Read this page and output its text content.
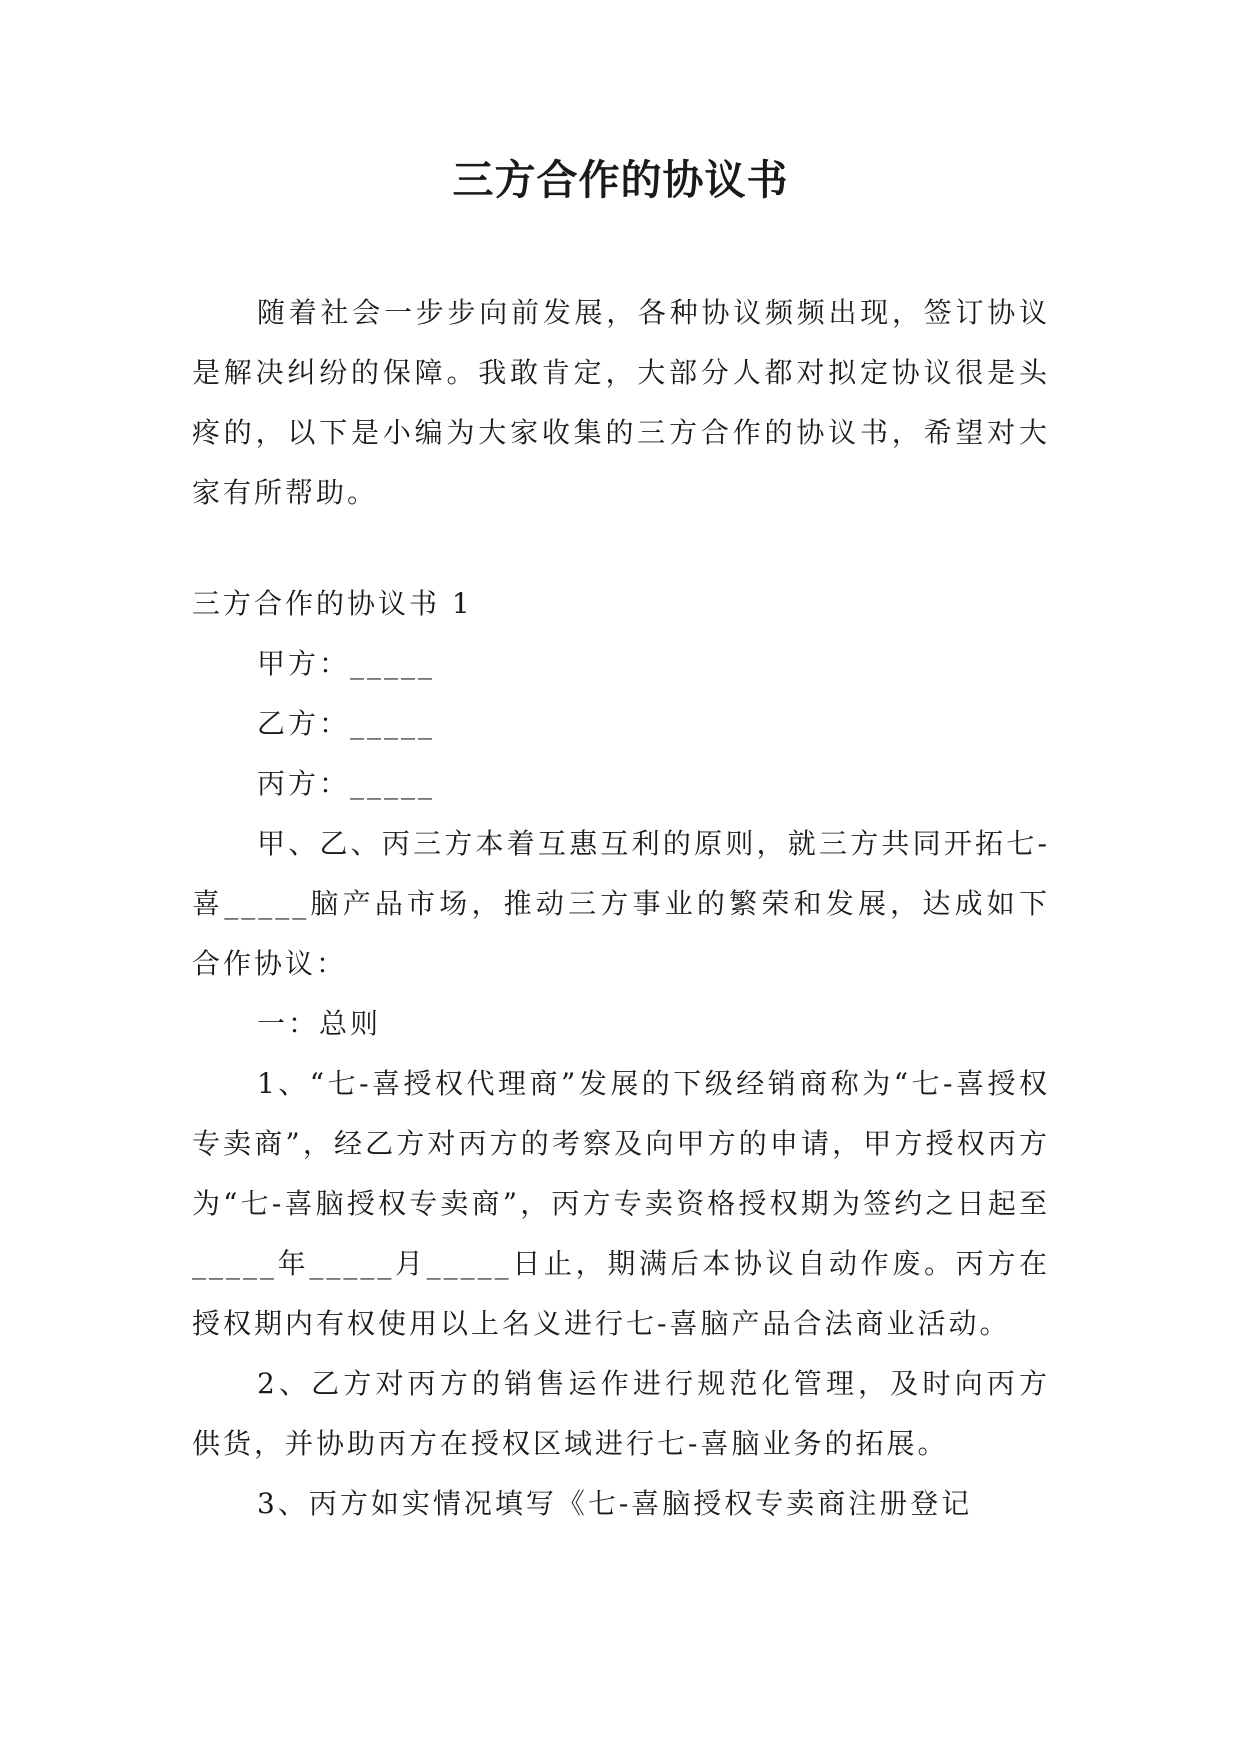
三方合作的协议书

随着社会一步步向前发展，各种协议频频出现，签订协议是解决纠纷的保障。我敢肯定，大部分人都对拟定协议很是头疼的，以下是小编为大家收集的三方合作的协议书，希望对大家有所帮助。

三方合作的协议书 1

甲方：_____

乙方：_____

丙方：_____

甲、乙、丙三方本着互惠互利的原则，就三方共同开拓七-喜_____脑产品市场，推动三方事业的繁荣和发展，达成如下合作协议：

一：总则

1、“七-喜授权代理商”发展的下级经销商称为“七-喜授权专卖商”，经乙方对丙方的考察及向甲方的申请，甲方授权丙方为“七-喜脑授权专卖商”，丙方专卖资格授权期为签约之日起至_____年_____月_____日止，期满后本协议自动作废。丙方在授权期内有权使用以上名义进行七-喜脑产品合法商业活动。

2、乙方对丙方的销售运作进行规范化管理，及时向丙方供货，并协助丙方在授权区域进行七-喜脑业务的拓展。

3、丙方如实情况填写《七-喜脑授权专卖商注册登记
